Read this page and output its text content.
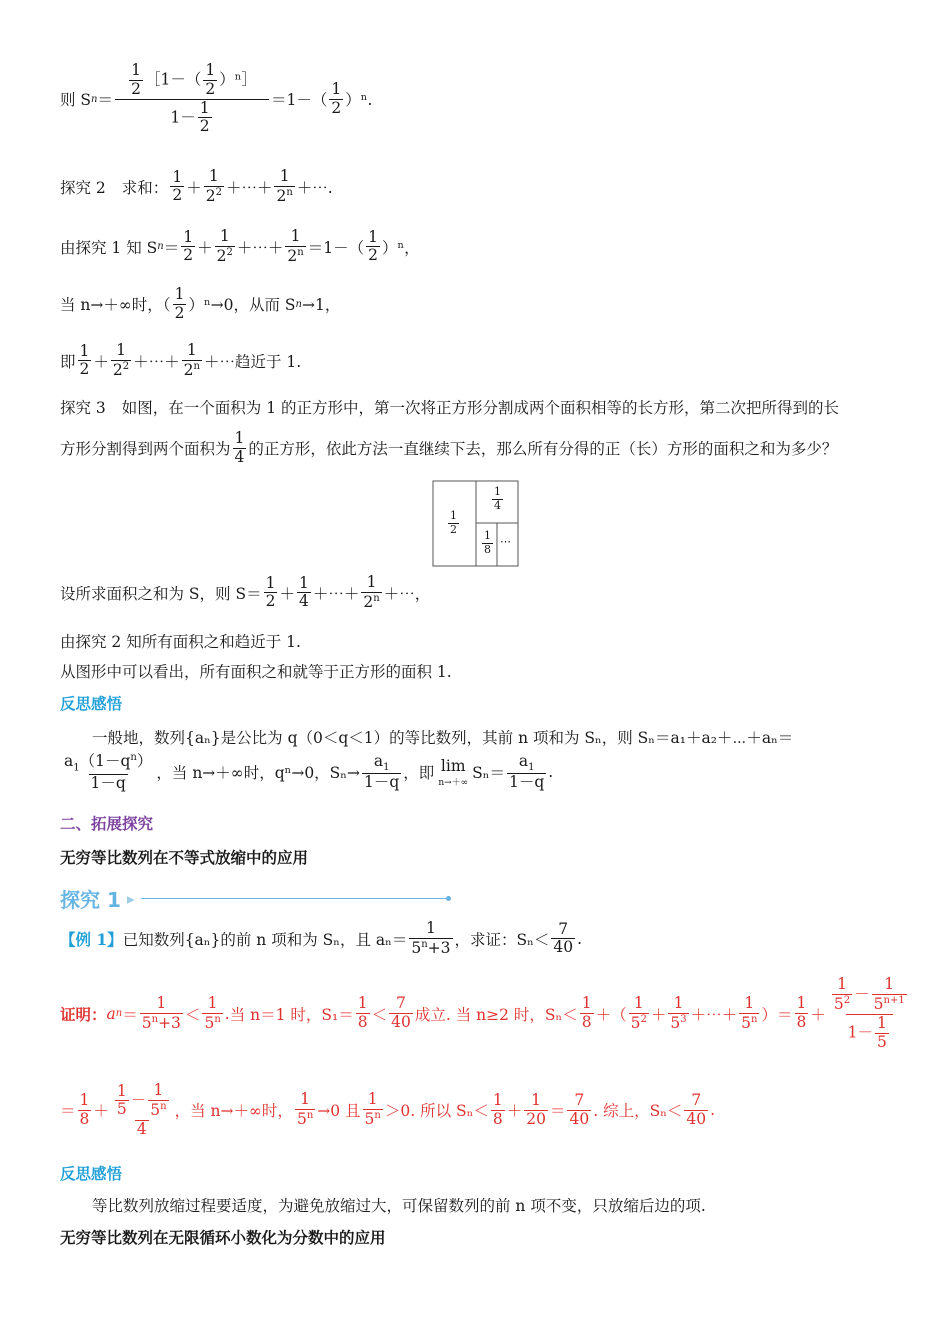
则 S $n = \frac{\frac{1}{2} [1-( \frac{1}{2} )^n]}{1- \frac{1}{2}} =1-( \frac{1}{2} )^n$.
探究 2 求和： $\frac{1}{2} + \frac{1}{2^2}$ ＋⋯＋ $\frac{1}{2^n}$ ＋⋯.
由探究 1 知 S $n = \frac{1}{2} + \frac{1}{2^2}$ ＋⋯＋ $\frac{1}{2^n} =1-( \frac{1}{2} )^n$，
当 n→＋∞时，（ $\frac{1}{2} )^n\to 0$，从而 S n →1，
即 $\frac{1}{2} + \frac{1}{2^2}$ ＋⋯＋ $\frac{1}{2^n}$ ＋⋯趋近于 1.
探究 3 如图，在一个面积为 1 的正方形中，第一次将正方形分割成两个面积相等的长方形，第二次把所得到的长
方形分割得到两个面积为 $\frac{1}{4}$ 的正方形，依此方法一直继续下去，那么所有分得的正（长）方形的面积之和为多少？
$\frac{1}{2}$
$\frac{1}{4}$
$\frac{1}{8}$ ⋯
设所求面积之和为 S，则 $S= \frac{1}{2} + \frac{1}{4}$ ＋⋯＋ $\frac{1}{2^n}$ ＋⋯，
由探究 2 知所有面积之和趋近于 1.
从图形中可以看出，所有面积之和就等于正方形的面积 1.
反思感悟
一般地，数列{aₙ}是公比为 q（0＜q＜1）的等比数列，其前 n 项和为 Sₙ，则 Sₙ＝a₁＋a₂＋⋯＋aₙ＝
$\frac{a_1(1-q^n)}{1-q}$ ，当 n→＋∞时，qⁿ→0，$S_n\to \frac{a_1}{1-q}$ ，即 lim
n→＋∞
$S_n= \frac{a_1}{1-q}$ .
二、拓展探究
无穷等比数列在不等式放缩中的应用
探究 1 ▸
【例 1】 已知数列{aₙ}的前 n 项和为 Sₙ，且 $a_n= \frac{1}{5^n+3}$ ，求证：$S_n< \frac{7}{40}$ .
证明： a $n = \frac{1}{5^n+3} < \frac{1}{5^n}$ . 当 n＝1 时，$S_1= \frac{1}{8} < \frac{7}{40}$ 成立. 当 n≥2 时，$S_n< \frac{1}{8}$ ＋（ $\frac{1}{5^2} + \frac{1}{5^3}$ ＋⋯＋ $\frac{1}{5^n}$ ）＝ $\frac{1}{8} + \frac{\frac{1}{5^2} - \frac{1}{5^{n+1}}}{1- \frac{1}{5}}$
＝ $\frac{1}{8} + \frac{\frac{1}{5} - \frac{1}{5^n}}{4}$ ，当 n→＋∞时， $\frac{1}{5^n} \to 0$ 且 $\frac{1}{5^n} >0$. 所以 $S_n< \frac{1}{8} + \frac{1}{20} = \frac{7}{40}$ . 综上，$S_n< \frac{7}{40}$ .
反思感悟
等比数列放缩过程要适度，为避免放缩过大，可保留数列的前 n 项不变，只放缩后边的项.
无穷等比数列在无限循环小数化为分数中的应用
